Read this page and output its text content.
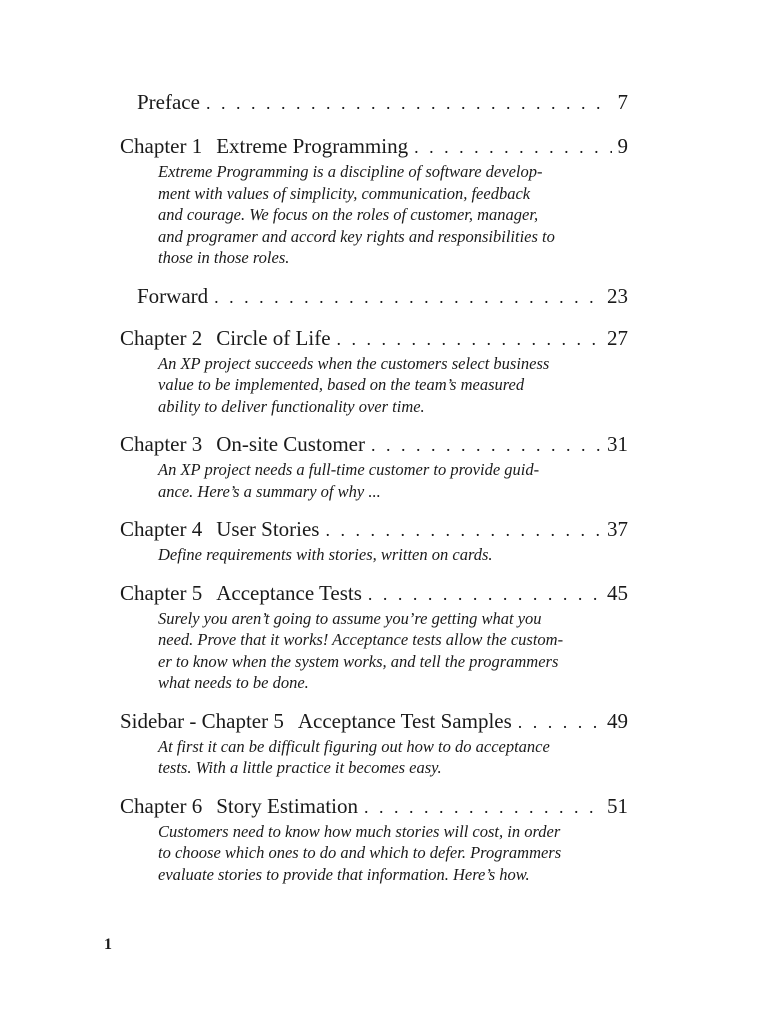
Preface . . .	7
Chapter 1 Extreme Programming . . .	9

Extreme Programming is a discipline of software develop-
ment with values of simplicity, communication, feedback
and courage. We focus on the roles of customer, manager,
and programer and accord key rights and responsibilities to
those in those roles.

Forward . . .	23
Chapter 2 Circle of Life . . .	27

An XP project succeeds when the customers select business
value to be implemented, based on the team’s measured
ability to deliver functionality over time.

Chapter 3 On-site Customer . . .	31

An XP project needs a full-time customer to provide guid-
ance. Here’s a summary of why ...

Chapter 4 User Stories . . .	37

Define requirements with stories, written on cards.

Chapter 5 Acceptance Tests . . .	45

Surely you aren’t going to assume you’re getting what you
need. Prove that it works! Acceptance tests allow the custom-
er to know when the system works, and tell the programmers
what needs to be done.

Sidebar - Chapter 5 Acceptance Test Samples . . .	49

At first it can be difficult figuring out how to do acceptance
tests. With a little practice it becomes easy.

Chapter 6 Story Estimation . . .	51

Customers need to know how much stories will cost, in order
to choose which ones to do and which to defer. Programmers
evaluate stories to provide that information. Here’s how.

1
